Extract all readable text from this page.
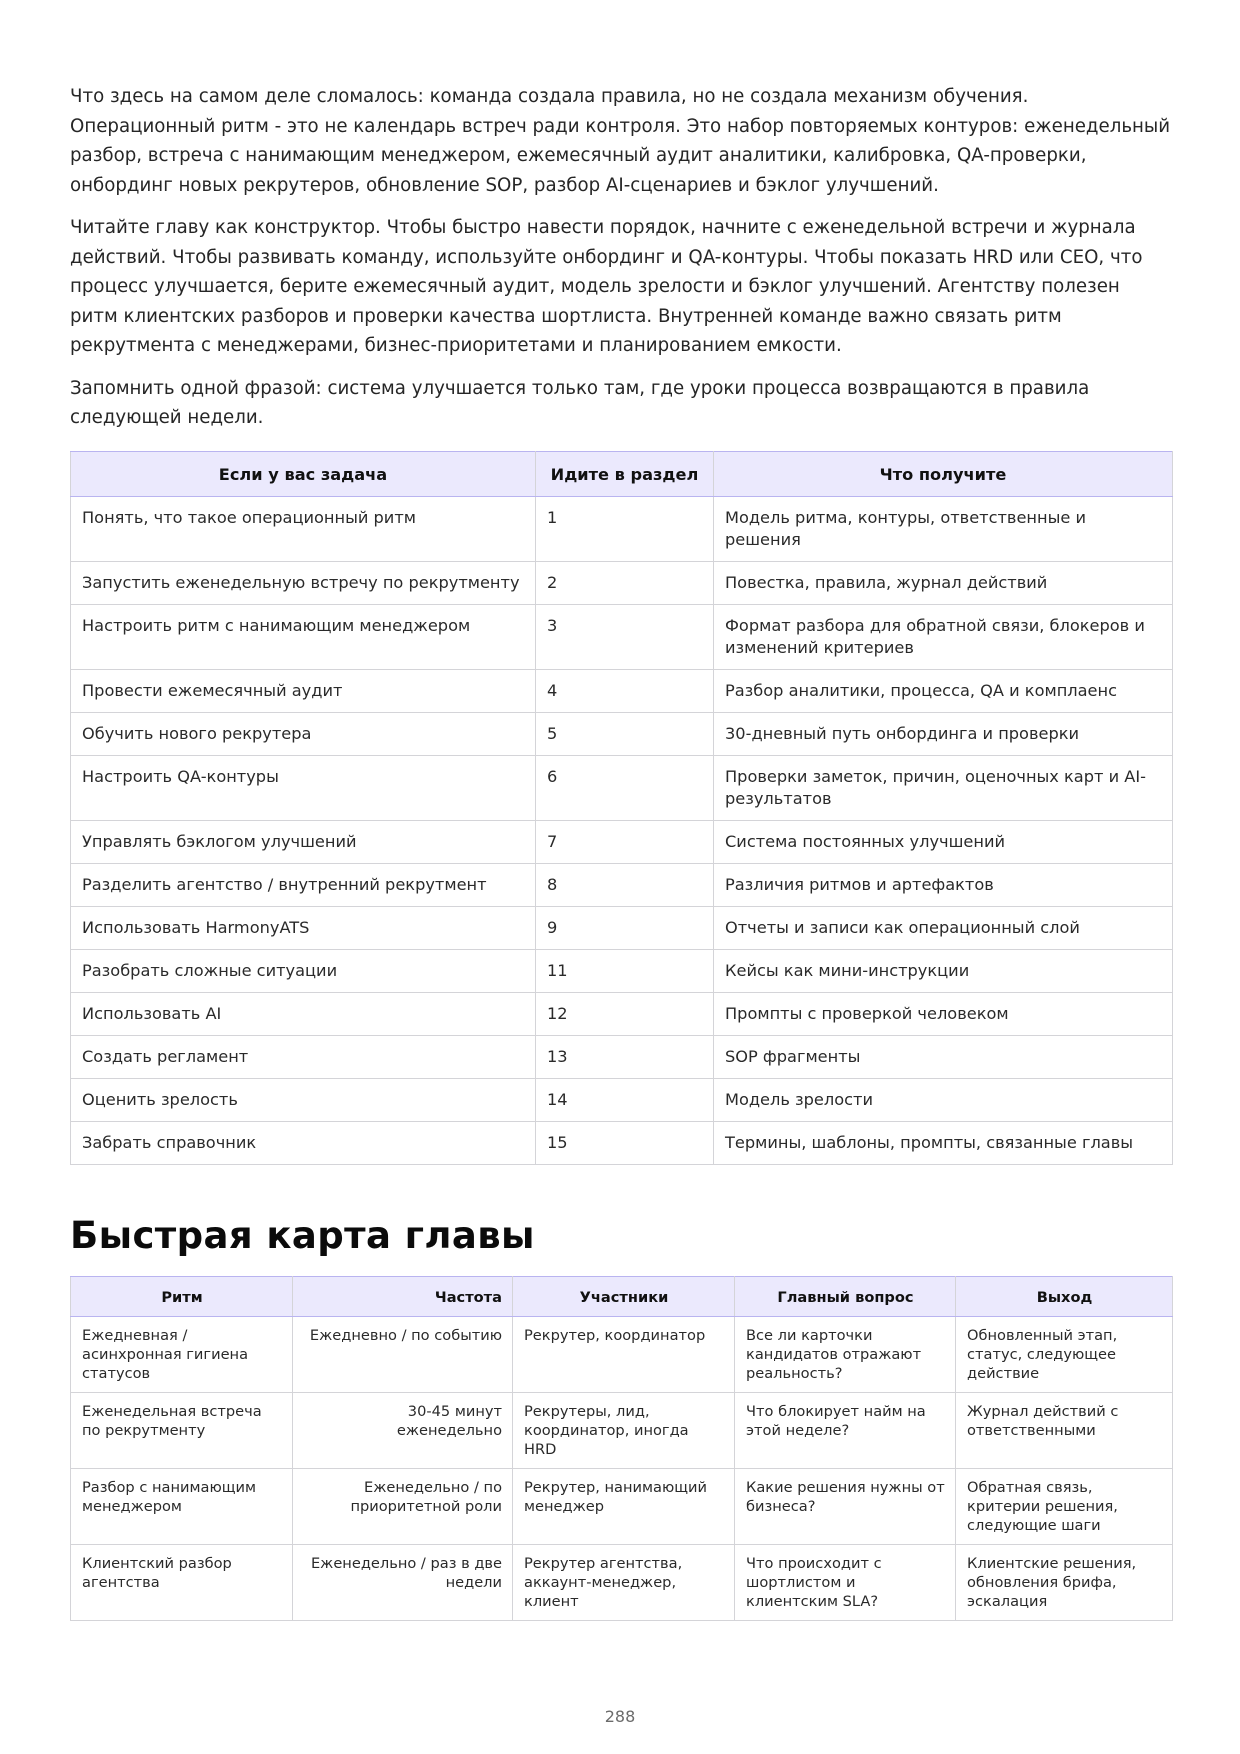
Что здесь на самом деле сломалось: команда создала правила, но не создала механизм обучения. Операционный ритм - это не календарь встреч ради контроля. Это набор повторяемых контуров: еженедельный разбор, встреча с нанимающим менеджером, ежемесячный аудит аналитики, калибровка, QA-проверки, онбординг новых рекрутеров, обновление SOP, разбор AI-сценариев и бэклог улучшений.

Читайте главу как конструктор. Чтобы быстро навести порядок, начните с еженедельной встречи и журнала действий. Чтобы развивать команду, используйте онбординг и QA-контуры. Чтобы показать HRD или CEO, что процесс улучшается, берите ежемесячный аудит, модель зрелости и бэклог улучшений. Агентству полезен ритм клиентских разборов и проверки качества шортлиста. Внутренней команде важно связать ритм рекрутмента с менеджерами, бизнес-приоритетами и планированием емкости.

Запомнить одной фразой: система улучшается только там, где уроки процесса возвращаются в правила следующей недели.

Если у вас задача	Идите в раздел	Что получите
Понять, что такое операционный ритм	1	Модель ритма, контуры, ответственные и решения
Запустить еженедельную встречу по рекрутменту	2	Повестка, правила, журнал действий
Настроить ритм с нанимающим менеджером	3	Формат разбора для обратной связи, блокеров и изменений критериев
Провести ежемесячный аудит	4	Разбор аналитики, процесса, QA и комплаенс
Обучить нового рекрутера	5	30-дневный путь онбординга и проверки
Настроить QA-контуры	6	Проверки заметок, причин, оценочных карт и AI-результатов
Управлять бэклогом улучшений	7	Система постоянных улучшений
Разделить агентство / внутренний рекрутмент	8	Различия ритмов и артефактов
Использовать HarmonyATS	9	Отчеты и записи как операционный слой
Разобрать сложные ситуации	11	Кейсы как мини-инструкции
Использовать AI	12	Промпты с проверкой человеком
Создать регламент	13	SOP фрагменты
Оценить зрелость	14	Модель зрелости
Забрать справочник	15	Термины, шаблоны, промпты, связанные главы
Быстрая карта главы
Ритм	Частота	Участники	Главный вопрос	Выход
Ежедневная / асинхронная гигиена статусов	Ежедневно / по событию	Рекрутер, координатор	Все ли карточки кандидатов отражают реальность?	Обновленный этап, статус, следующее действие
Еженедельная встреча по рекрутменту	30-45 минут еженедельно	Рекрутеры, лид, координатор, иногда HRD	Что блокирует найм на этой неделе?	Журнал действий с ответственными
Разбор с нанимающим менеджером	Еженедельно / по приоритетной роли	Рекрутер, нанимающий менеджер	Какие решения нужны от бизнеса?	Обратная связь, критерии решения, следующие шаги
Клиентский разбор агентства	Еженедельно / раз в две недели	Рекрутер агентства, аккаунт-менеджер, клиент	Что происходит с шортлистом и клиентским SLA?	Клиентские решения, обновления брифа, эскалация
288
